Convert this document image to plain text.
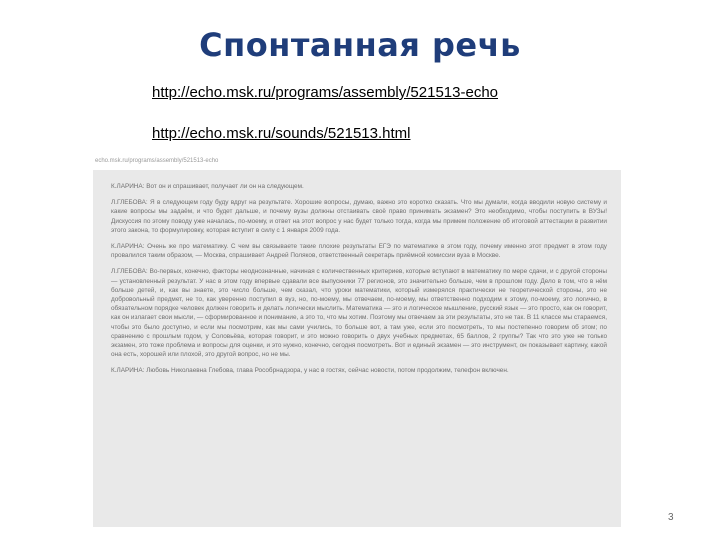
Спонтанная речь
http://echo.msk.ru/programs/assembly/521513-echo
http://echo.msk.ru/sounds/521513.html

К.ЛАРИНА: Вот он и спрашивает, получает ли он на следующем.

Л.ГЛЕБОВА: Я в следующем году буду вдруг на результате. Хорошие вопросы, думаю, важно это коротко сказать. Что мы думали, когда вводили новую систему и какие вопросы мы задаём, и что будет дальше, и почему вузы должны отстаивать своё право принимать экзамен? Это необходимо, чтобы поступить в ВУЗы! Дискуссия по этому поводу уже началась, по-моему, и ответ на этот вопрос у нас будет только тогда, когда мы примем положение об итоговой аттестации в развитии этого закона, то формулировку, которая вступит в силу с 1 января 2009 года.

К.ЛАРИНА: Очень же про математику. С чем вы связываете такие плохие результаты ЕГЭ по математике в этом году, почему именно этот предмет в этом году провалился таким образом, — Москва, спрашивает Андрей Поляков, ответственный секретарь приёмной комиссии вуза в Москве.

Л.ГЛЕБОВА: Во-первых, конечно, факторы неоднозначные, начиная с количественных критериев, которые вступают в математику по мере сдачи, и с другой стороны — установленный результат. У нас в этом году впервые сдавали все выпускники 77 регионов, это значительно больше, чем в прошлом году. Дело в том, что в нём больше детей, и, как вы знаете, это число больше, чем сказал, что уроки математики, который измерялся практически не теоретической стороны, это не добровольный предмет, не то, как уверенно поступил в вуз, но, по-моему, мы отвечаем, по-моему, мы ответственно подходим к этому, по-моему, это логично, в обязательном порядке человек должен говорить и делать логически мыслить. Математика — это и логическое мышление, русский язык — это просто, как он говорит, как он излагает свои мысли, — сформированное и понимание, а это то, что мы хотим. Поэтому мы отвечаем за эти результаты, это не так. В 11 классе мы стараемся, чтобы это было доступно, и если мы посмотрим, как мы сами учились, то больше вот, а там уже, если это посмотреть, то мы постепенно говорим об этом; по сравнению с прошлым годом, у Соловьёва, которая говорит, и это можно говорить о двух учебных предметах, 65 баллов, 2 группы? Так что это уже не только экзамен, это тоже проблема и вопросы для оценки, и это нужно, конечно, сегодня посмотреть. Вот и единый экзамен — это инструмент, он показывает картину, какой она есть, хорошей или плохой, это другой вопрос, но не мы.

К.ЛАРИНА: Любовь Николаевна Глебова, глава Рособрнадзора, у нас в гостях, сейчас новости, потом продолжим, телефон включен.

echo.msk.ru/programs/assembly/521513-echo
3
